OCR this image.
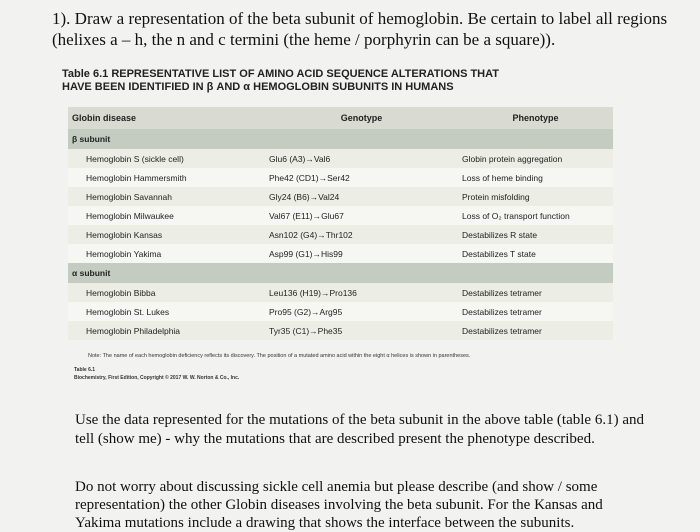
1). Draw a representation of the beta subunit of hemoglobin. Be certain to label all regions (helixes a – h, the n and c termini (the heme / porphyrin can be a square)).
Table 6.1 REPRESENTATIVE LIST OF AMINO ACID SEQUENCE ALTERATIONS THAT
HAVE BEEN IDENTIFIED IN β AND α HEMOGLOBIN SUBUNITS IN HUMANS
Globin disease	Genotype	Phenotype
β subunit		
Hemoglobin S (sickle cell)	Glu6 (A3)→Val6	Globin protein aggregation
Hemoglobin Hammersmith	Phe42 (CD1)→Ser42	Loss of heme binding
Hemoglobin Savannah	Gly24 (B6)→Val24	Protein misfolding
Hemoglobin Milwaukee	Val67 (E11)→Glu67	Loss of O₂ transport function
Hemoglobin Kansas	Asn102 (G4)→Thr102	Destabilizes R state
Hemoglobin Yakima	Asp99 (G1)→His99	Destabilizes T state
α subunit		
Hemoglobin Bibba	Leu136 (H19)→Pro136	Destabilizes tetramer
Hemoglobin St. Lukes	Pro95 (G2)→Arg95	Destabilizes tetramer
Hemoglobin Philadelphia	Tyr35 (C1)→Phe35	Destabilizes tetramer
Note: The name of each hemoglobin deficiency reflects its discovery. The position of a mutated amino acid within the eight α helices is shown in parentheses.
Table 6.1
Biochemistry, First Edition, Copyright © 2017 W. W. Norton & Co., Inc.
Use the data represented for the mutations of the beta subunit in the above table (table 6.1) and tell (show me) - why the mutations that are described present the phenotype described.
Do not worry about discussing sickle cell anemia but please describe (and show / some representation) the other Globin diseases involving the beta subunit. For the Kansas and Yakima mutations include a drawing that shows the interface between the subunits.
